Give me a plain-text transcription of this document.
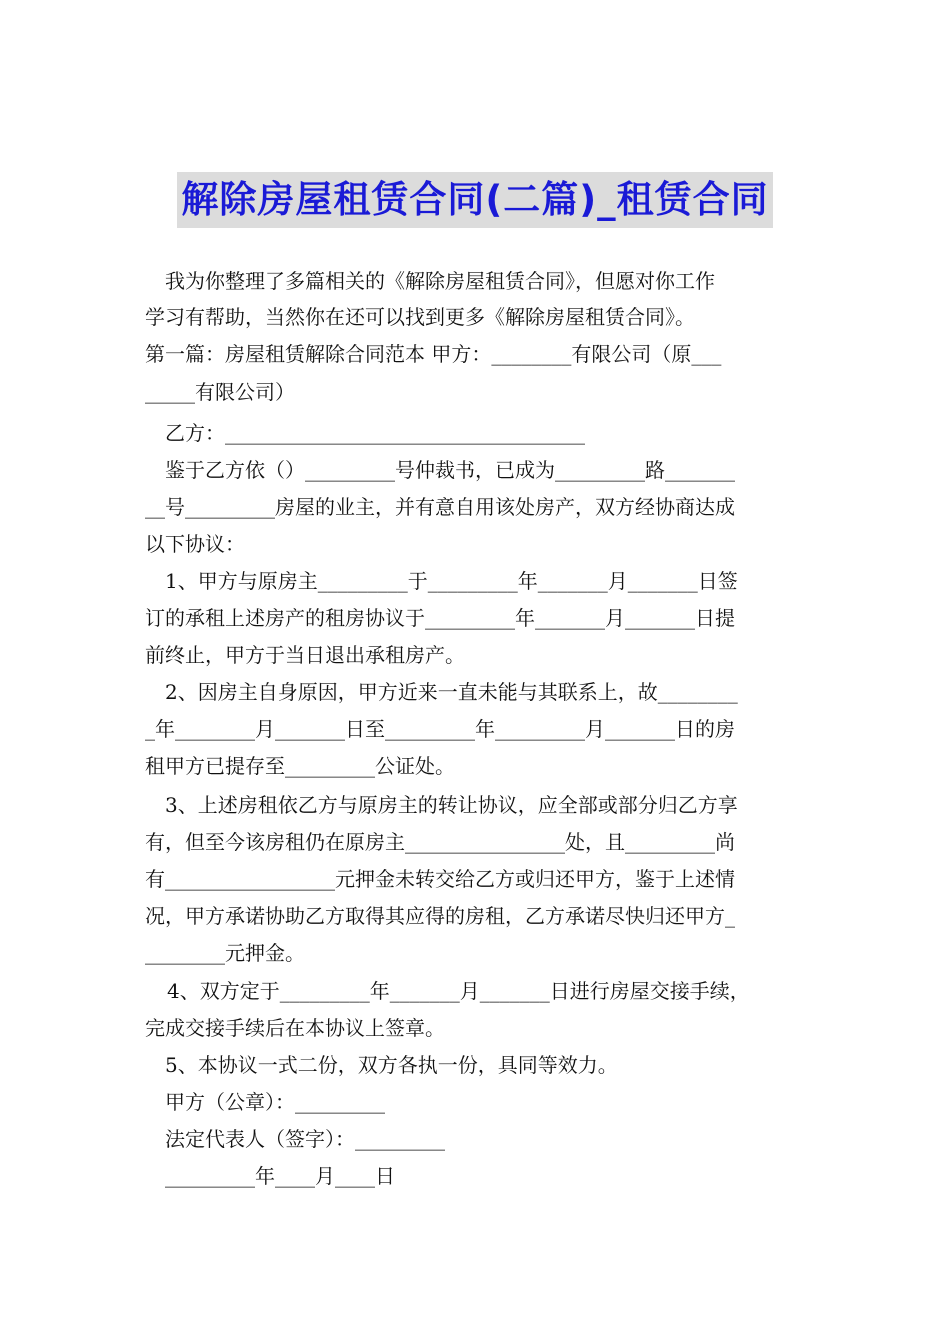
解除房屋租赁合同(二篇)_租赁合同
我为你整理了多篇相关的《解除房屋租赁合同》，但愿对你工作
学习有帮助，当然你在还可以找到更多《解除房屋租赁合同》。
第一篇：房屋租赁解除合同范本 甲方：________有限公司（原___
_____有限公司）
乙方：____________________________________
鉴于乙方依（）_________号仲裁书，已成为_________路_______
__号_________房屋的业主，并有意自用该处房产，双方经协商达成
以下协议：
1、甲方与原房主_________于_________年_______月_______日签
订的承租上述房产的租房协议于_________年_______月_______日提
前终止，甲方于当日退出承租房产。
2、因房主自身原因，甲方近来一直未能与其联系上，故________
_年________月_______日至_________年_________月_______日的房
租甲方已提存至_________公证处。
3、上述房租依乙方与原房主的转让协议，应全部或部分归乙方享
有，但至今该房租仍在原房主________________处，且_________尚
有_________________元押金未转交给乙方或归还甲方，鉴于上述情
况，甲方承诺协助乙方取得其应得的房租，乙方承诺尽快归还甲方_
________元押金。
4、双方定于_________年_______月_______日进行房屋交接手续，
完成交接手续后在本协议上签章。
5、本协议一式二份，双方各执一份，具同等效力。
甲方（公章）：_________
法定代表人（签字）：_________
_________年____月____日
